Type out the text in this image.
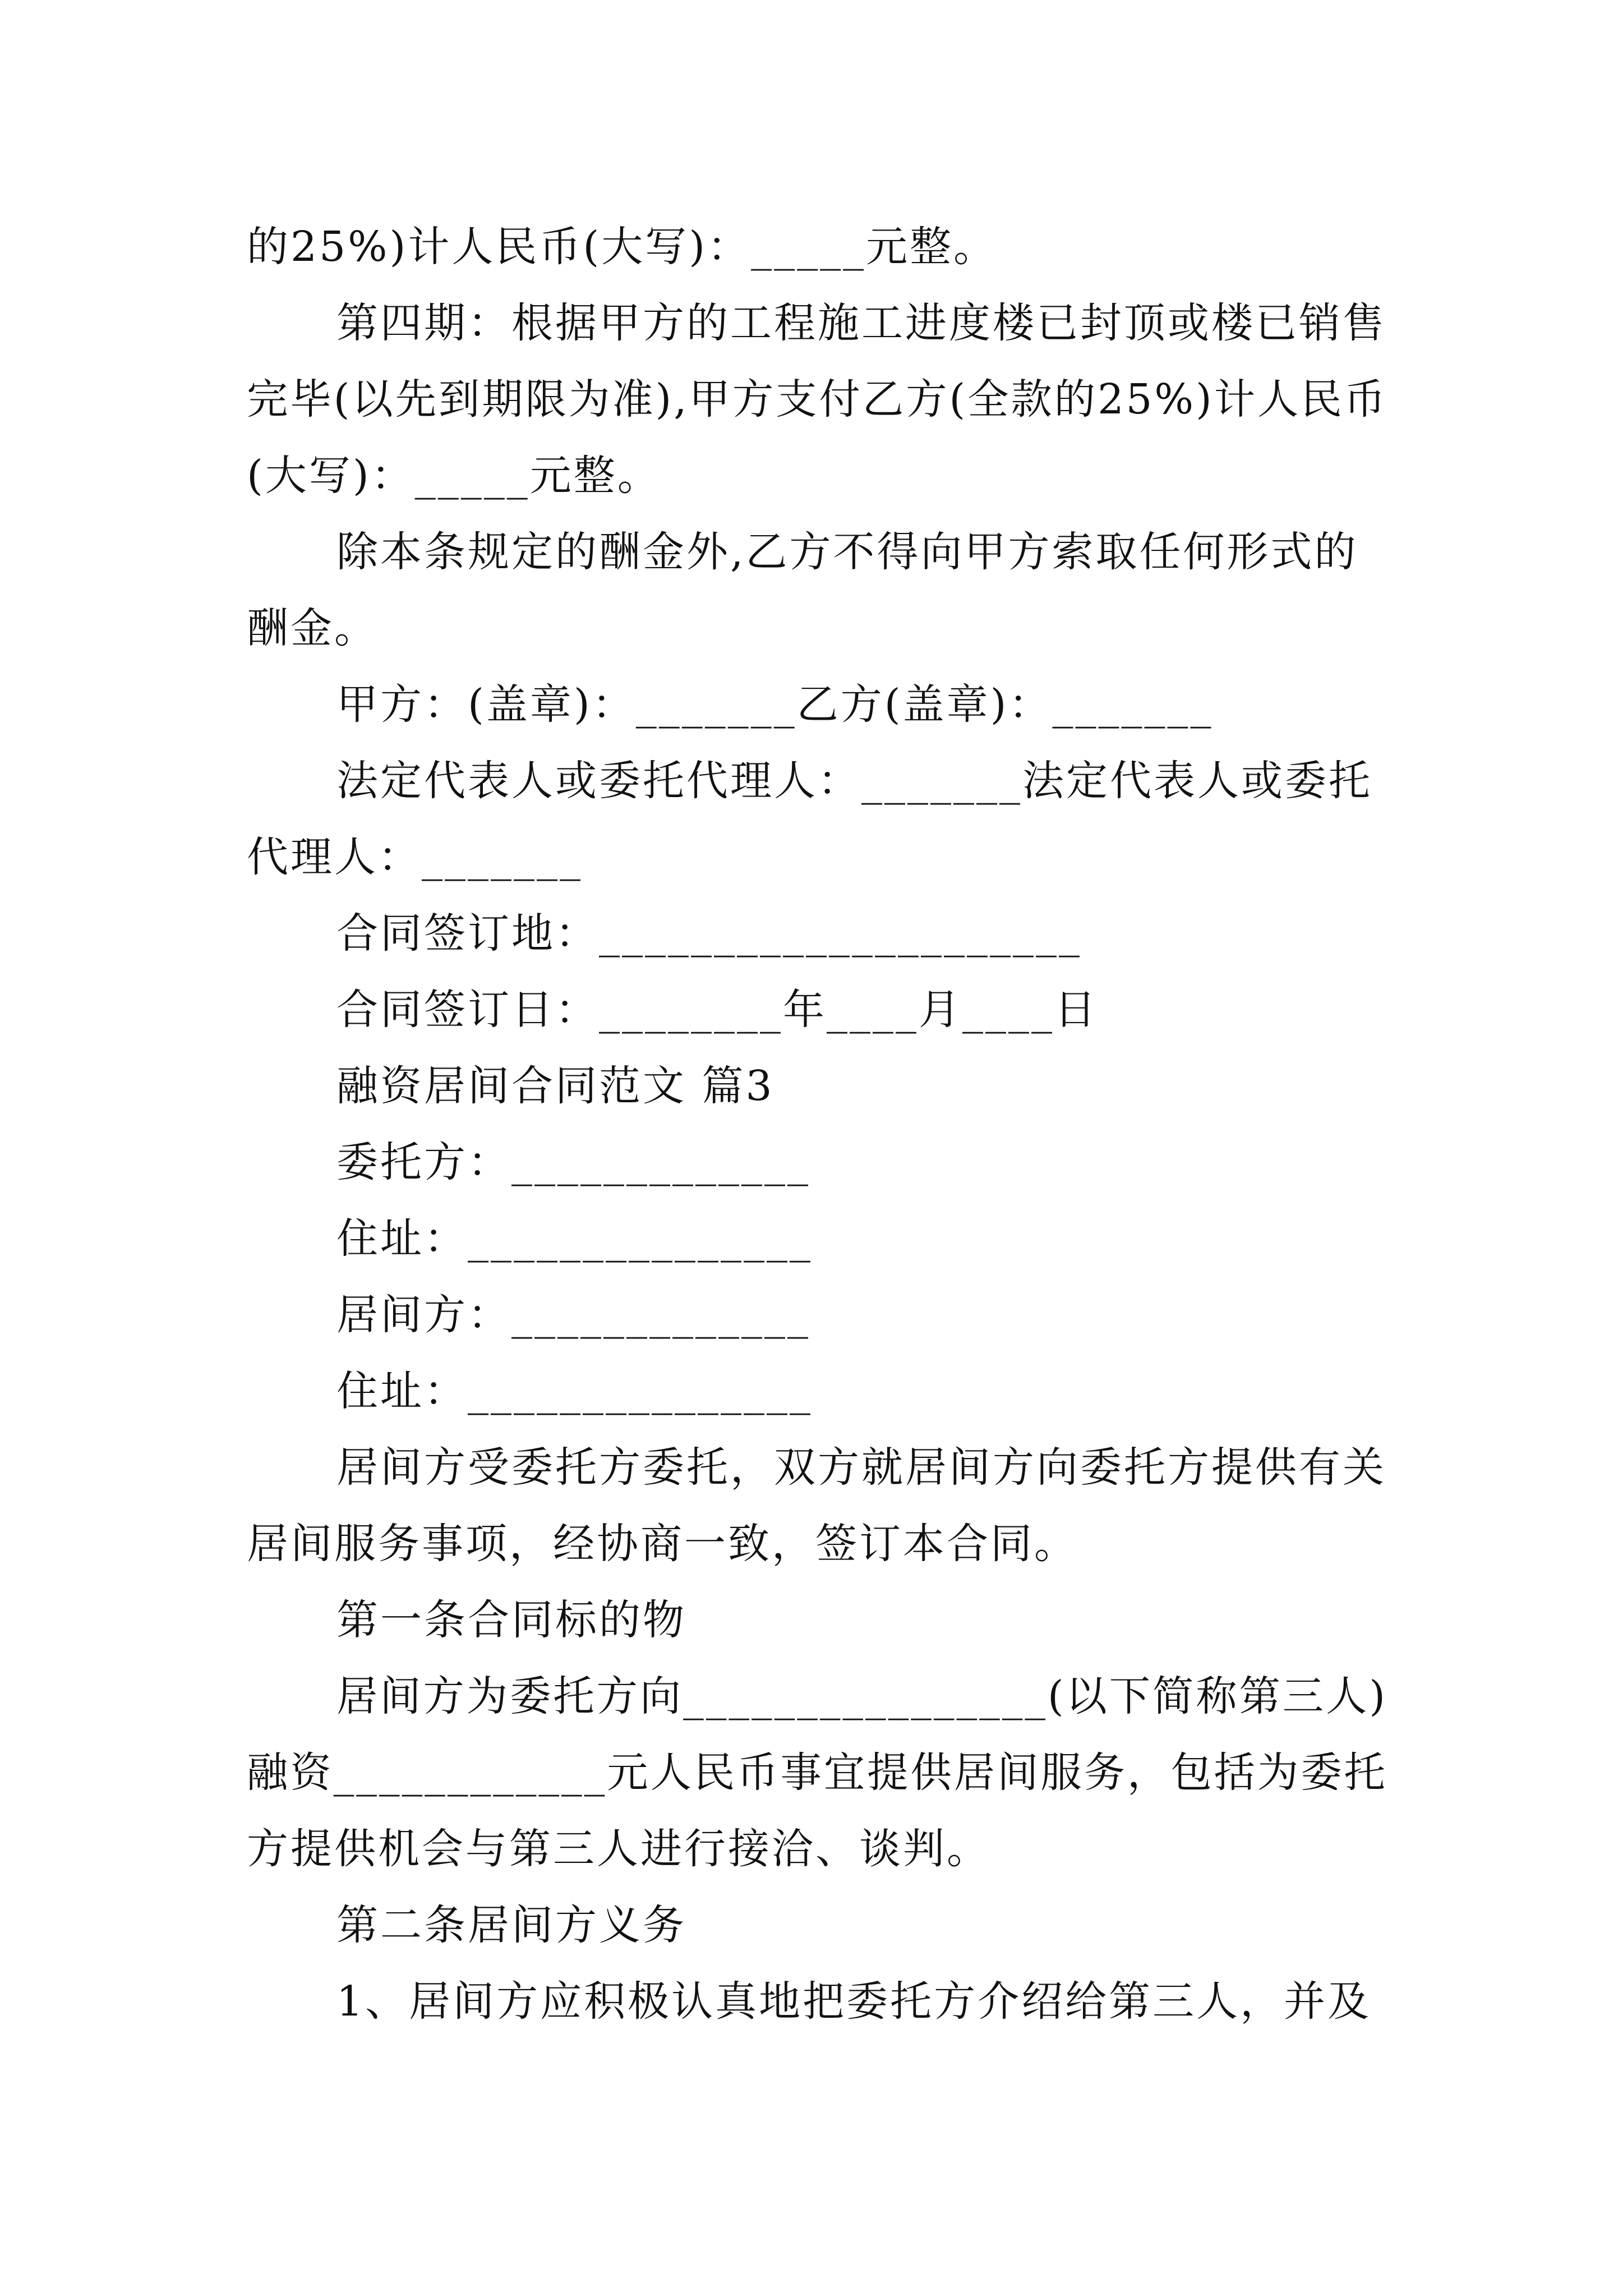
的25%)计人民币(大写)：_____元整。
第四期：根据甲方的工程施工进度楼已封顶或楼已销售
完毕(以先到期限为准),甲方支付乙方(全款的25%)计人民币
(大写)：_____元整。
除本条规定的酬金外,乙方不得向甲方索取任何形式的
酬金。
甲方：(盖章)：_______乙方(盖章)：_______
法定代表人或委托代理人：_______法定代表人或委托
代理人：_______
合同签订地：_____________________
合同签订日：________年____月____日
融资居间合同范文 篇3
委托方：_____________
住址：_______________
居间方：_____________
住址：_______________
居间方受委托方委托，双方就居间方向委托方提供有关
居间服务事项，经协商一致，签订本合同。
第一条合同标的物
居间方为委托方向________________(以下简称第三人)
融资____________元人民币事宜提供居间服务，包括为委托
方提供机会与第三人进行接洽、谈判。
第二条居间方义务
1、居间方应积极认真地把委托方介绍给第三人，并及
